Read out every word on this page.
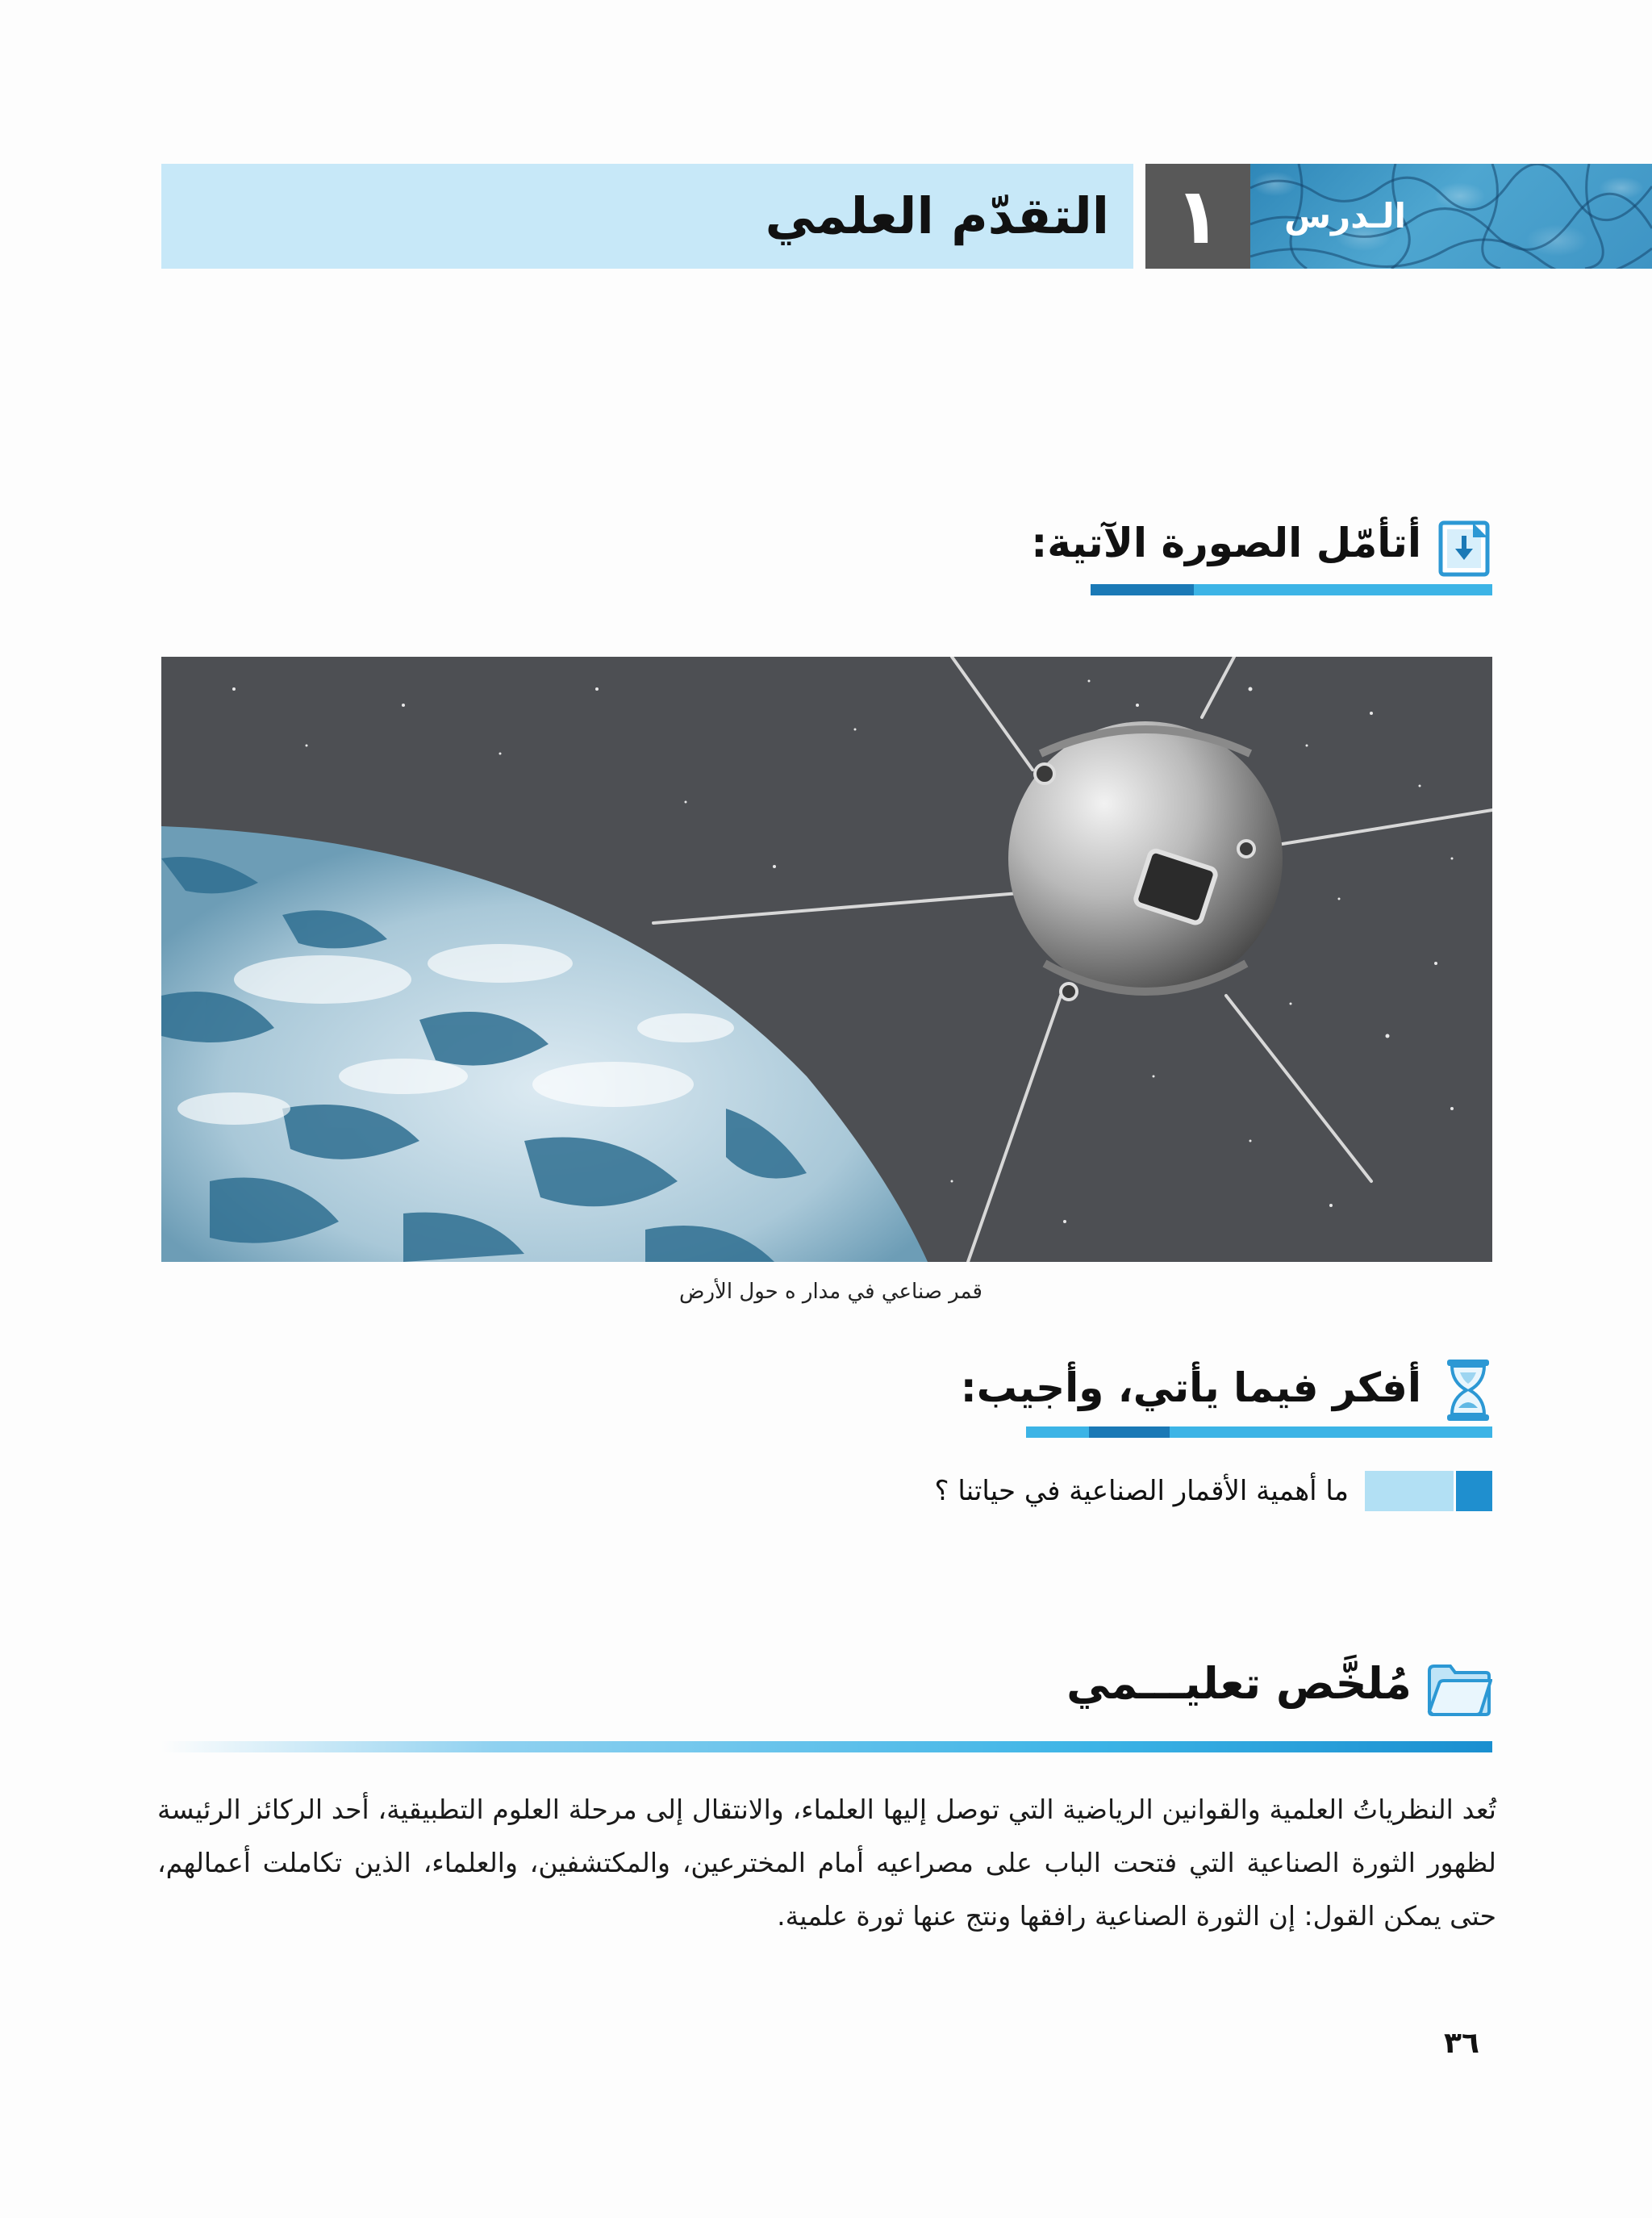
التقدّم العلمي ١	الـدرس
أتأمّل الصورة الآتية:
قمر صناعي في مدار ه حول الأرض
أفكر فيما يأتي، وأجيب:
ما أهمية الأقمار الصناعية في حياتنا ؟
مُلخَّص تعليـــمي

تُعد النظرياتُ العلمية والقوانين الرياضية التي توصل إليها العلماء، والانتقال إلى مرحلة العلوم التطبيقية، أحد الركائز الرئيسة لظهور الثورة الصناعية التي فتحت الباب على مصراعيه أمام المخترعين، والمكتشفين، والعلماء، الذين تكاملت أعمالهم، حتى يمكن القول: إن الثورة الصناعية رافقها ونتج عنها ثورة علمية.

٣٦
